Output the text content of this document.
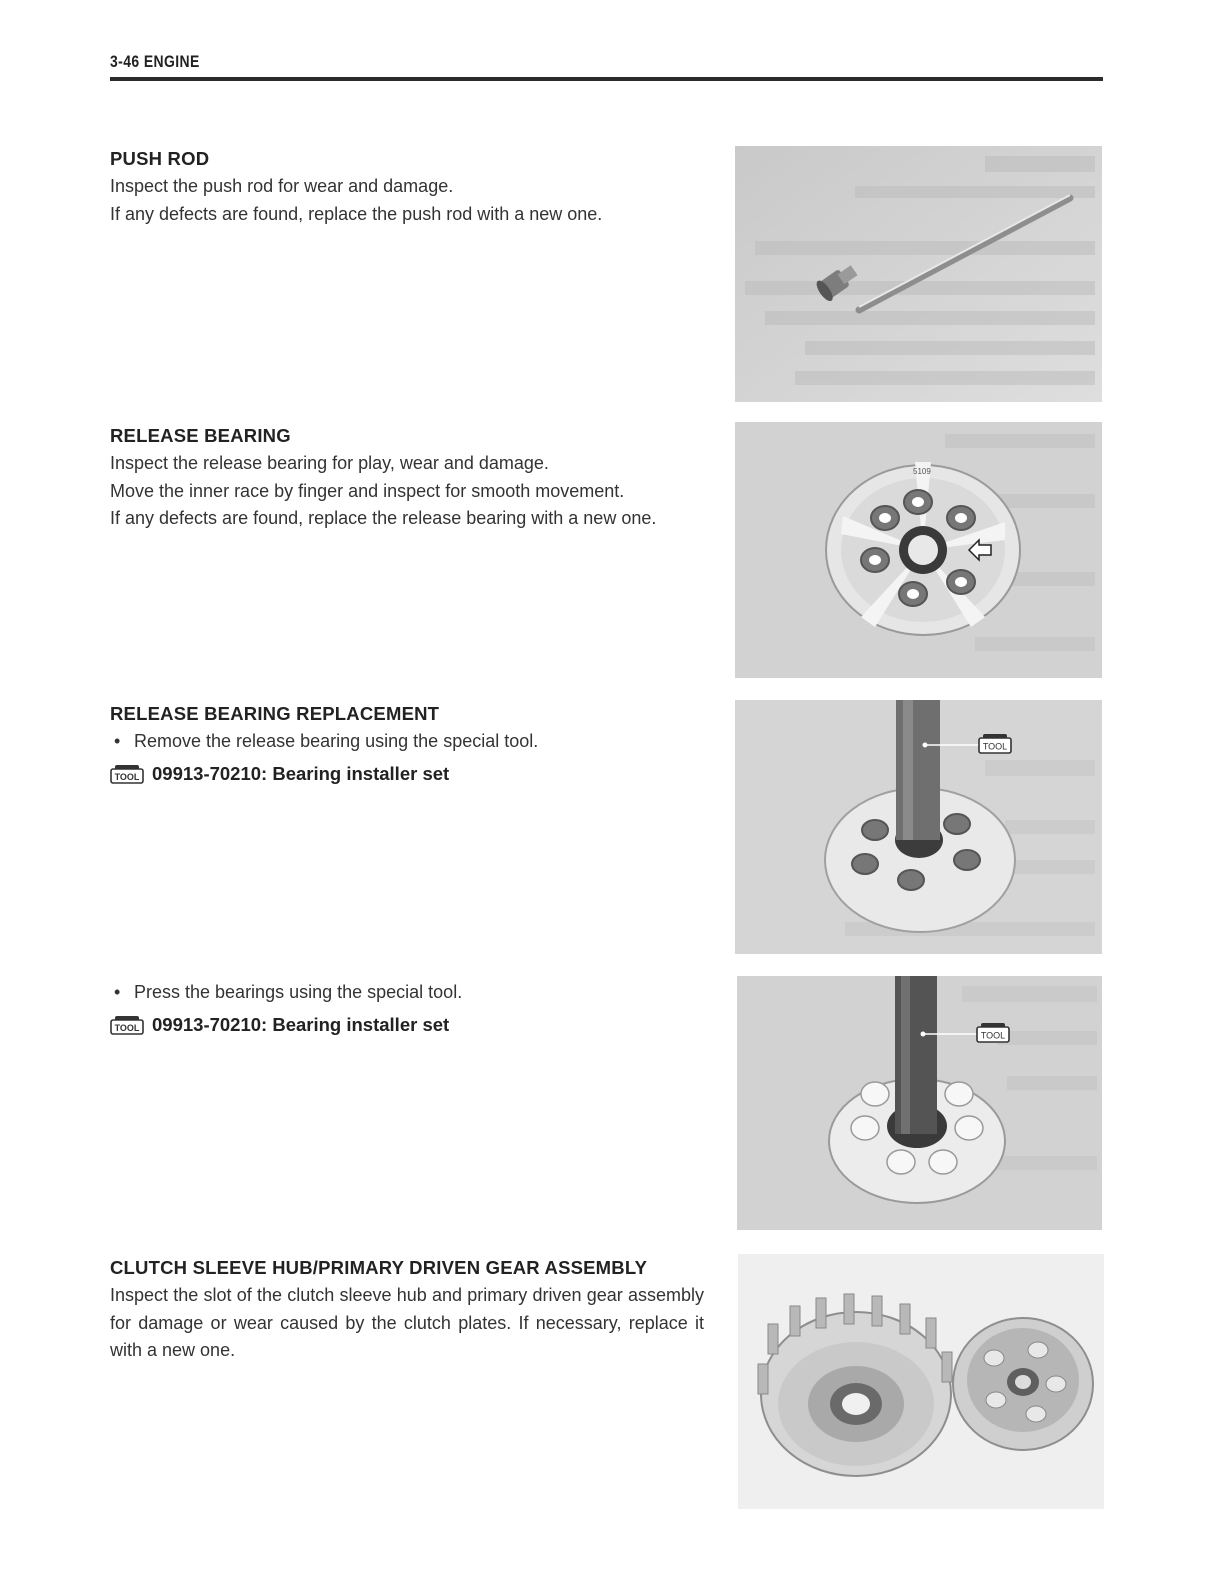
3-46 ENGINE
PUSH ROD

Inspect the push rod for wear and damage.

If any defects are found, replace the push rod with a new one.

RELEASE BEARING

Inspect the release bearing for play, wear and damage.

Move the inner race by finger and inspect for smooth movement.

If any defects are found, replace the release bearing with a new one.

RELEASE BEARING REPLACEMENT

• Remove the release bearing using the special tool.

TOOL 09913-70210: Bearing installer set

• Press the bearings using the special tool.

TOOL 09913-70210: Bearing installer set
CLUTCH SLEEVE HUB/PRIMARY DRIVEN GEAR ASSEMBLY

Inspect the slot of the clutch sleeve hub and primary driven gear assembly for damage or wear caused by the clutch plates. If necessary, replace it with a new one.

5109
TOOL
TOOL
